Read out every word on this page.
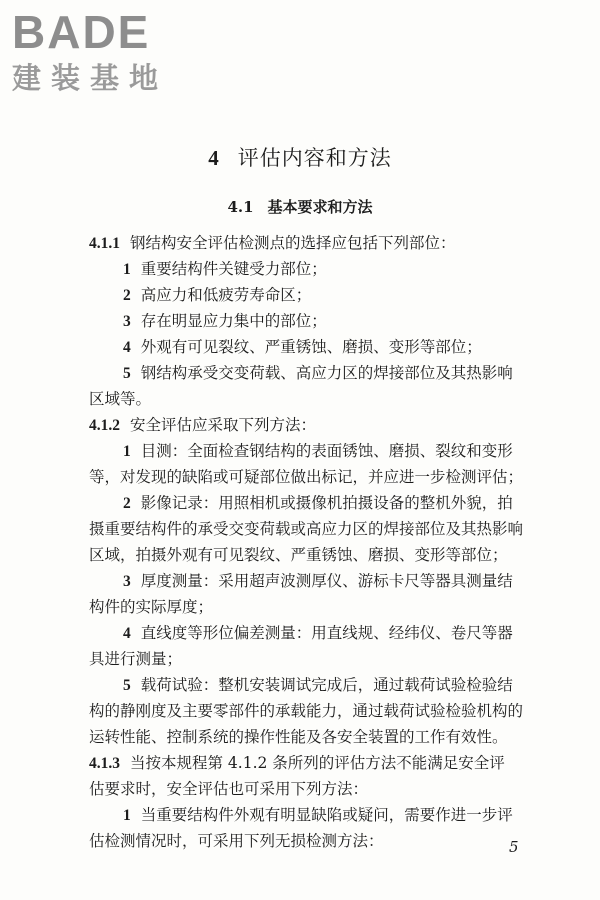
BADE
建装基地
4 评估内容和方法
4.1 基本要求和方法
4.1.1 钢结构安全评估检测点的选择应包括下列部位：
1 重要结构件关键受力部位；
2 高应力和低疲劳寿命区；
3 存在明显应力集中的部位；
4 外观有可见裂纹、严重锈蚀、磨损、变形等部位；
5 钢结构承受交变荷载、高应力区的焊接部位及其热影响
区域等。
4.1.2 安全评估应采取下列方法：
1 目测：全面检查钢结构的表面锈蚀、磨损、裂纹和变形
等，对发现的缺陷或可疑部位做出标记，并应进一步检测评估；
2 影像记录：用照相机或摄像机拍摄设备的整机外貌，拍
摄重要结构件的承受交变荷载或高应力区的焊接部位及其热影响
区域，拍摄外观有可见裂纹、严重锈蚀、磨损、变形等部位；
3 厚度测量：采用超声波测厚仪、游标卡尺等器具测量结
构件的实际厚度；
4 直线度等形位偏差测量：用直线规、经纬仪、卷尺等器
具进行测量；
5 载荷试验：整机安装调试完成后，通过载荷试验检验结
构的静刚度及主要零部件的承载能力，通过载荷试验检验机构的
运转性能、控制系统的操作性能及各安全装置的工作有效性。
4.1.3 当按本规程第 4.1.2 条所列的评估方法不能满足安全评
估要求时，安全评估也可采用下列方法：
1 当重要结构件外观有明显缺陷或疑问，需要作进一步评
估检测情况时，可采用下列无损检测方法：	5
